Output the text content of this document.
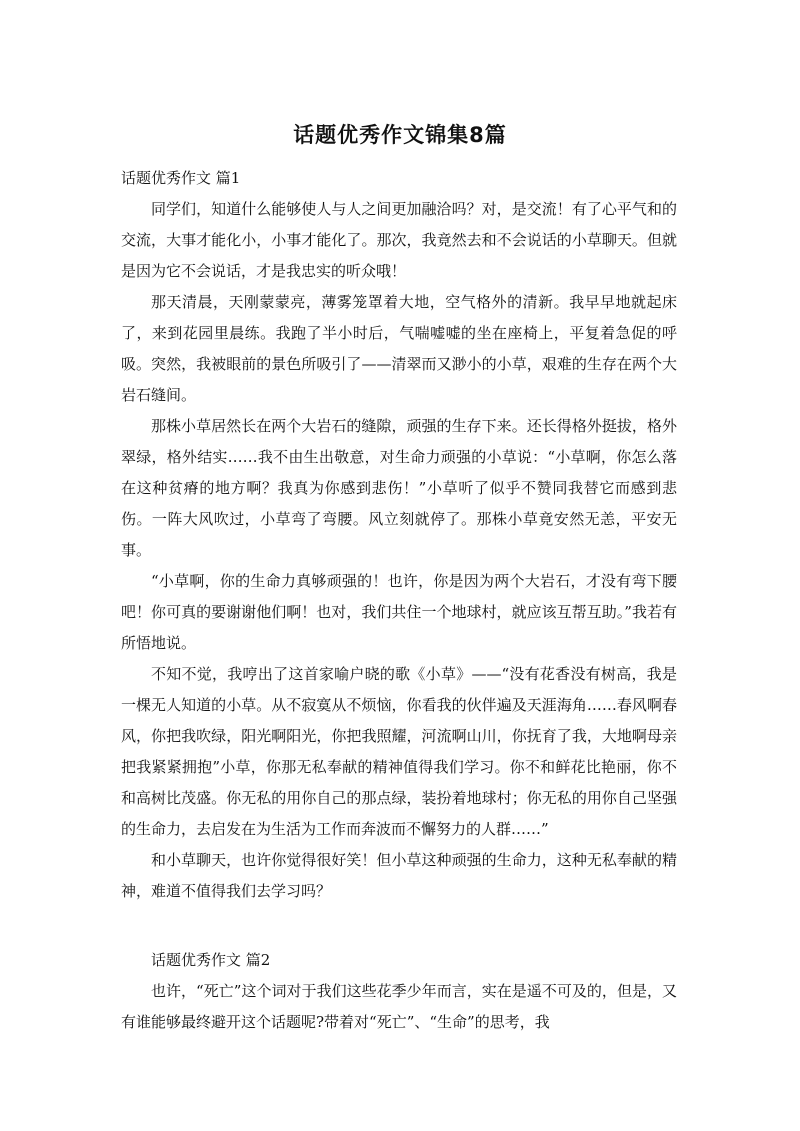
话题优秀作文锦集8篇
话题优秀作文 篇1

同学们，知道什么能够使人与人之间更加融洽吗？对，是交流！有了心平气和的交流，大事才能化小，小事才能化了。那次，我竟然去和不会说话的小草聊天。但就是因为它不会说话，才是我忠实的听众哦！

那天清晨，天刚蒙蒙亮，薄雾笼罩着大地，空气格外的清新。我早早地就起床了，来到花园里晨练。我跑了半小时后，气喘嘘嘘的坐在座椅上，平复着急促的呼吸。突然，我被眼前的景色所吸引了——清翠而又渺小的小草，艰难的生存在两个大岩石缝间。

那株小草居然长在两个大岩石的缝隙，顽强的生存下来。还长得格外挺拔，格外翠绿，格外结实……我不由生出敬意，对生命力顽强的小草说：“小草啊，你怎么落在这种贫瘠的地方啊？我真为你感到悲伤！”小草听了似乎不赞同我替它而感到悲伤。一阵大风吹过，小草弯了弯腰。风立刻就停了。那株小草竟安然无恙，平安无事。

“小草啊，你的生命力真够顽强的！也许，你是因为两个大岩石，才没有弯下腰吧！你可真的要谢谢他们啊！也对，我们共住一个地球村，就应该互帮互助。”我若有所悟地说。

不知不觉，我哼出了这首家喻户晓的歌《小草》——“没有花香没有树高，我是一棵无人知道的小草。从不寂寞从不烦恼，你看我的伙伴遍及天涯海角……春风啊春风，你把我吹绿，阳光啊阳光，你把我照耀，河流啊山川，你抚育了我，大地啊母亲把我紧紧拥抱”小草，你那无私奉献的精神值得我们学习。你不和鲜花比艳丽，你不和高树比茂盛。你无私的用你自己的那点绿，装扮着地球村；你无私的用你自己坚强的生命力，去启发在为生活为工作而奔波而不懈努力的人群……”

和小草聊天，也许你觉得很好笑！但小草这种顽强的生命力，这种无私奉献的精神，难道不值得我们去学习吗？

话题优秀作文 篇2

也许，“死亡”这个词对于我们这些花季少年而言，实在是遥不可及的，但是，又有谁能够最终避开这个话题呢?带着对“死亡”、“生命”的思考，我
